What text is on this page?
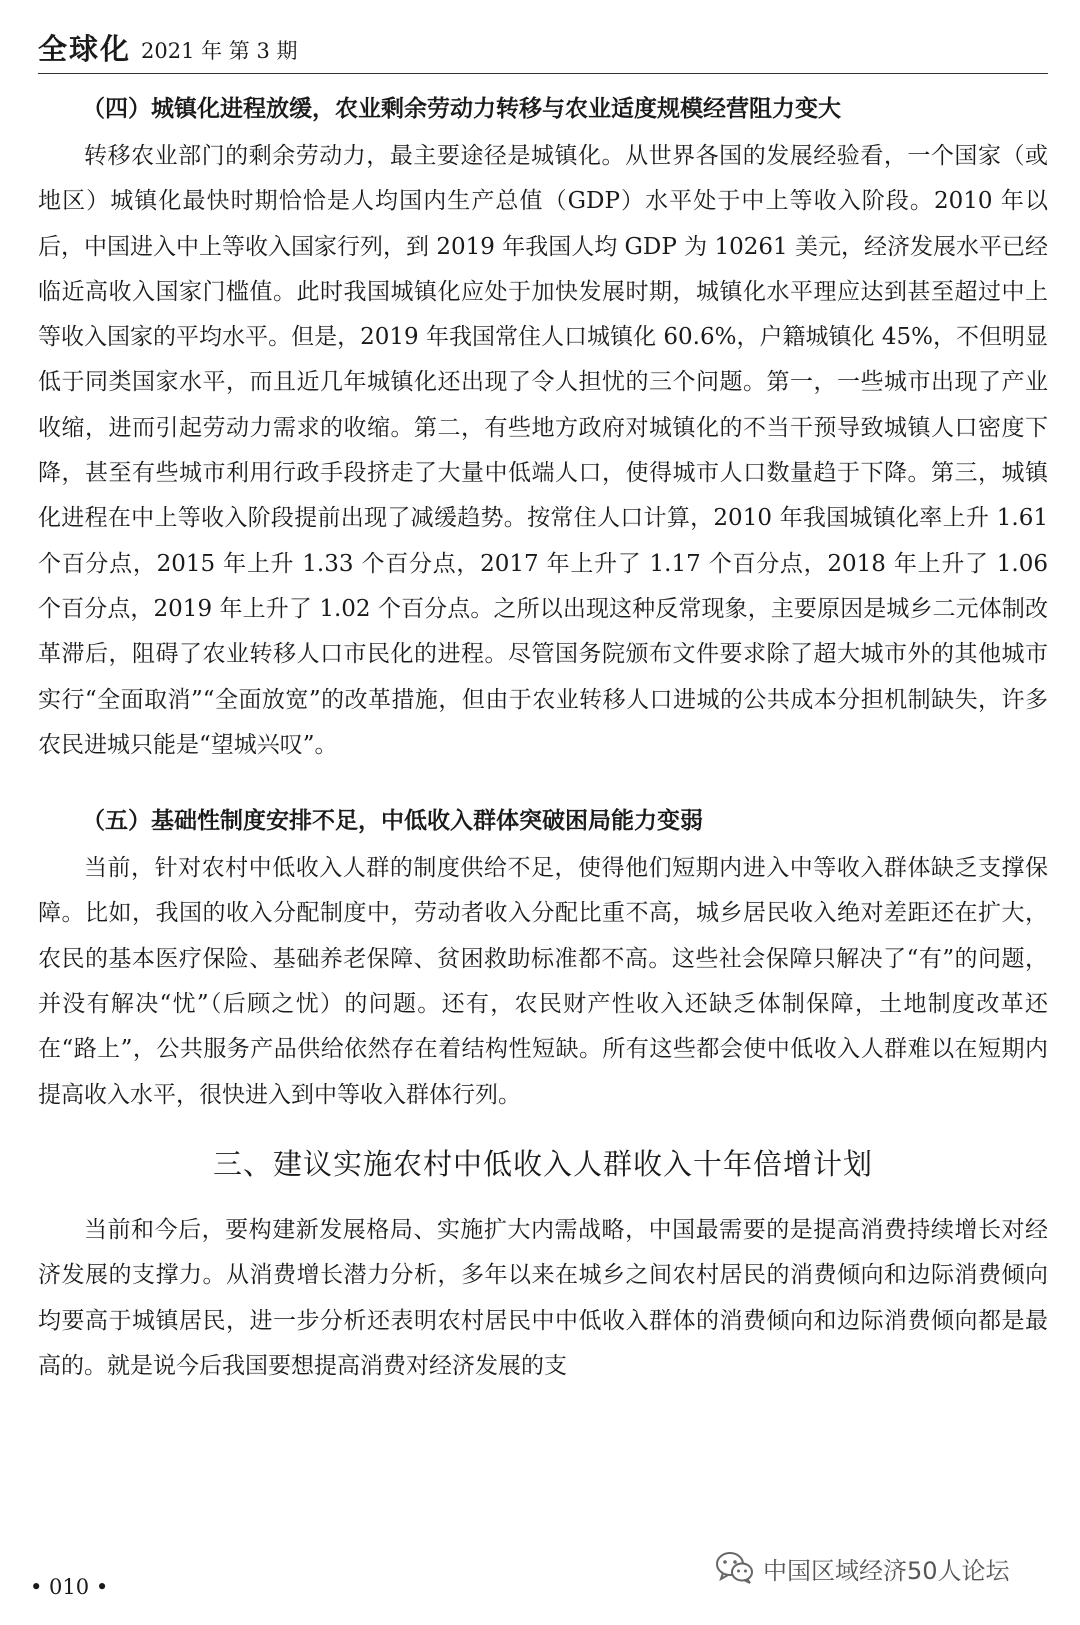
全球化 2021 年 第 3 期
（四）城镇化进程放缓，农业剩余劳动力转移与农业适度规模经营阻力变大

转移农业部门的剩余劳动力，最主要途径是城镇化。从世界各国的发展经验看，一个国家（或地区）城镇化最快时期恰恰是人均国内生产总值（GDP）水平处于中上等收入阶段。2010 年以后，中国进入中上等收入国家行列，到 2019 年我国人均 GDP 为 10261 美元，经济发展水平已经临近高收入国家门槛值。此时我国城镇化应处于加快发展时期，城镇化水平理应达到甚至超过中上等收入国家的平均水平。但是，2019 年我国常住人口城镇化 60.6%，户籍城镇化 45%，不但明显低于同类国家水平，而且近几年城镇化还出现了令人担忧的三个问题。第一，一些城市出现了产业收缩，进而引起劳动力需求的收缩。第二，有些地方政府对城镇化的不当干预导致城镇人口密度下降，甚至有些城市利用行政手段挤走了大量中低端人口，使得城市人口数量趋于下降。第三，城镇化进程在中上等收入阶段提前出现了减缓趋势。按常住人口计算，2010 年我国城镇化率上升 1.61 个百分点，2015 年上升 1.33 个百分点，2017 年上升了 1.17 个百分点，2018 年上升了 1.06 个百分点，2019 年上升了 1.02 个百分点。之所以出现这种反常现象，主要原因是城乡二元体制改革滞后，阻碍了农业转移人口市民化的进程。尽管国务院颁布文件要求除了超大城市外的其他城市实行“全面取消”“全面放宽”的改革措施，但由于农业转移人口进城的公共成本分担机制缺失，许多农民进城只能是“望城兴叹”。

（五）基础性制度安排不足，中低收入群体突破困局能力变弱

当前，针对农村中低收入人群的制度供给不足，使得他们短期内进入中等收入群体缺乏支撑保障。比如，我国的收入分配制度中，劳动者收入分配比重不高，城乡居民收入绝对差距还在扩大，农民的基本医疗保险、基础养老保障、贫困救助标准都不高。这些社会保障只解决了“有”的问题，并没有解决“忧”（后顾之忧）的问题。还有，农民财产性收入还缺乏体制保障，土地制度改革还在“路上”，公共服务产品供给依然存在着结构性短缺。所有这些都会使中低收入人群难以在短期内提高收入水平，很快进入到中等收入群体行列。

三、建议实施农村中低收入人群收入十年倍增计划

当前和今后，要构建新发展格局、实施扩大内需战略，中国最需要的是提高消费持续增长对经济发展的支撑力。从消费增长潜力分析，多年以来在城乡之间农村居民的消费倾向和边际消费倾向均要高于城镇居民，进一步分析还表明农村居民中中低收入群体的消费倾向和边际消费倾向都是最高的。就是说今后我国要想提高消费对经济发展的支

• 010 •
中国区域经济50人论坛
